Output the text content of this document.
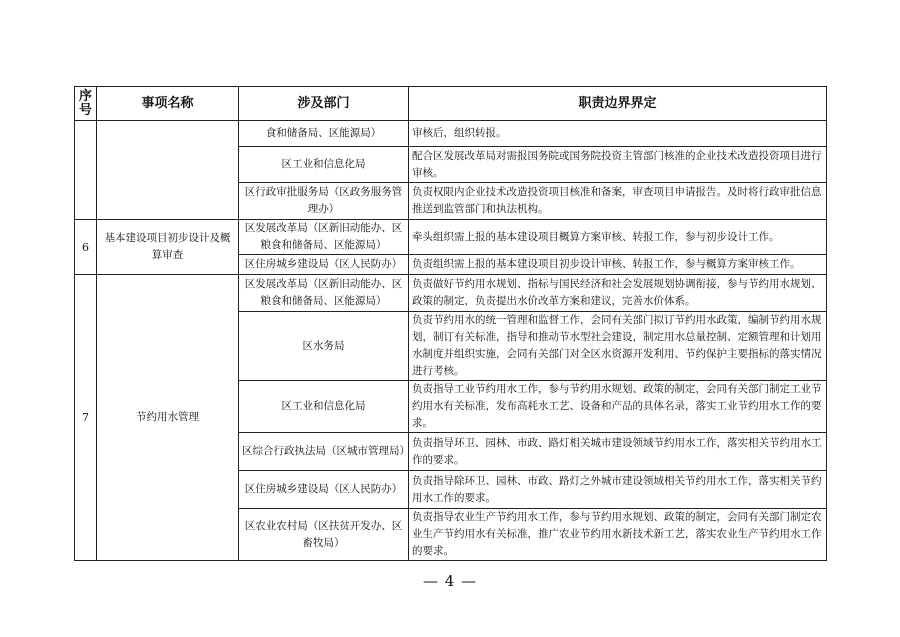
序号	事项名称	涉及部门	职责边界界定
		食和储备局、区能源局）	审核后，组织转报。
		区工业和信息化局	配合区发展改革局对需报国务院或国务院投资主管部门核准的企业技术改造投资项目进行审核。
		区行政审批服务局（区政务服务管理办）	负责权限内企业技术改造投资项目核准和备案，审查项目申请报告。及时将行政审批信息推送到监管部门和执法机构。
6	基本建设项目初步设计及概算审查	区发展改革局（区新旧动能办、区粮食和储备局、区能源局）	牵头组织需上报的基本建设项目概算方案审核、转报工作，参与初步设计工作。
		区住房城乡建设局（区人民防办）	负责组织需上报的基本建设项目初步设计审核、转报工作，参与概算方案审核工作。
7	节约用水管理	区发展改革局（区新旧动能办、区粮食和储备局、区能源局）	负责做好节约用水规划、指标与国民经济和社会发展规划协调衔接，参与节约用水规划、政策的制定，负责提出水价改革方案和建议，完善水价体系。
		区水务局	负责节约用水的统一管理和监督工作，会同有关部门拟订节约用水政策，编制节约用水规划，制订有关标准，指导和推动节水型社会建设，制定用水总量控制、定额管理和计划用水制度并组织实施，会同有关部门对全区水资源开发利用、节约保护主要指标的落实情况进行考核。
		区工业和信息化局	负责指导工业节约用水工作，参与节约用水规划、政策的制定，会同有关部门制定工业节约用水有关标准，发布高耗水工艺、设备和产品的具体名录，落实工业节约用水工作的要求。
		区综合行政执法局（区城市管理局）	负责指导环卫、园林、市政、路灯相关城市建设领域节约用水工作，落实相关节约用水工作的要求。
		区住房城乡建设局（区人民防办）	负责指导除环卫、园林、市政、路灯之外城市建设领域相关节约用水工作，落实相关节约用水工作的要求。
		区农业农村局（区扶贫开发办、区畜牧局）	负责指导农业生产节约用水工作，参与节约用水规划、政策的制定，会同有关部门制定农业生产节约用水有关标准，推广农业节约用水新技术新工艺，落实农业生产节约用水工作的要求。
— 4 —
